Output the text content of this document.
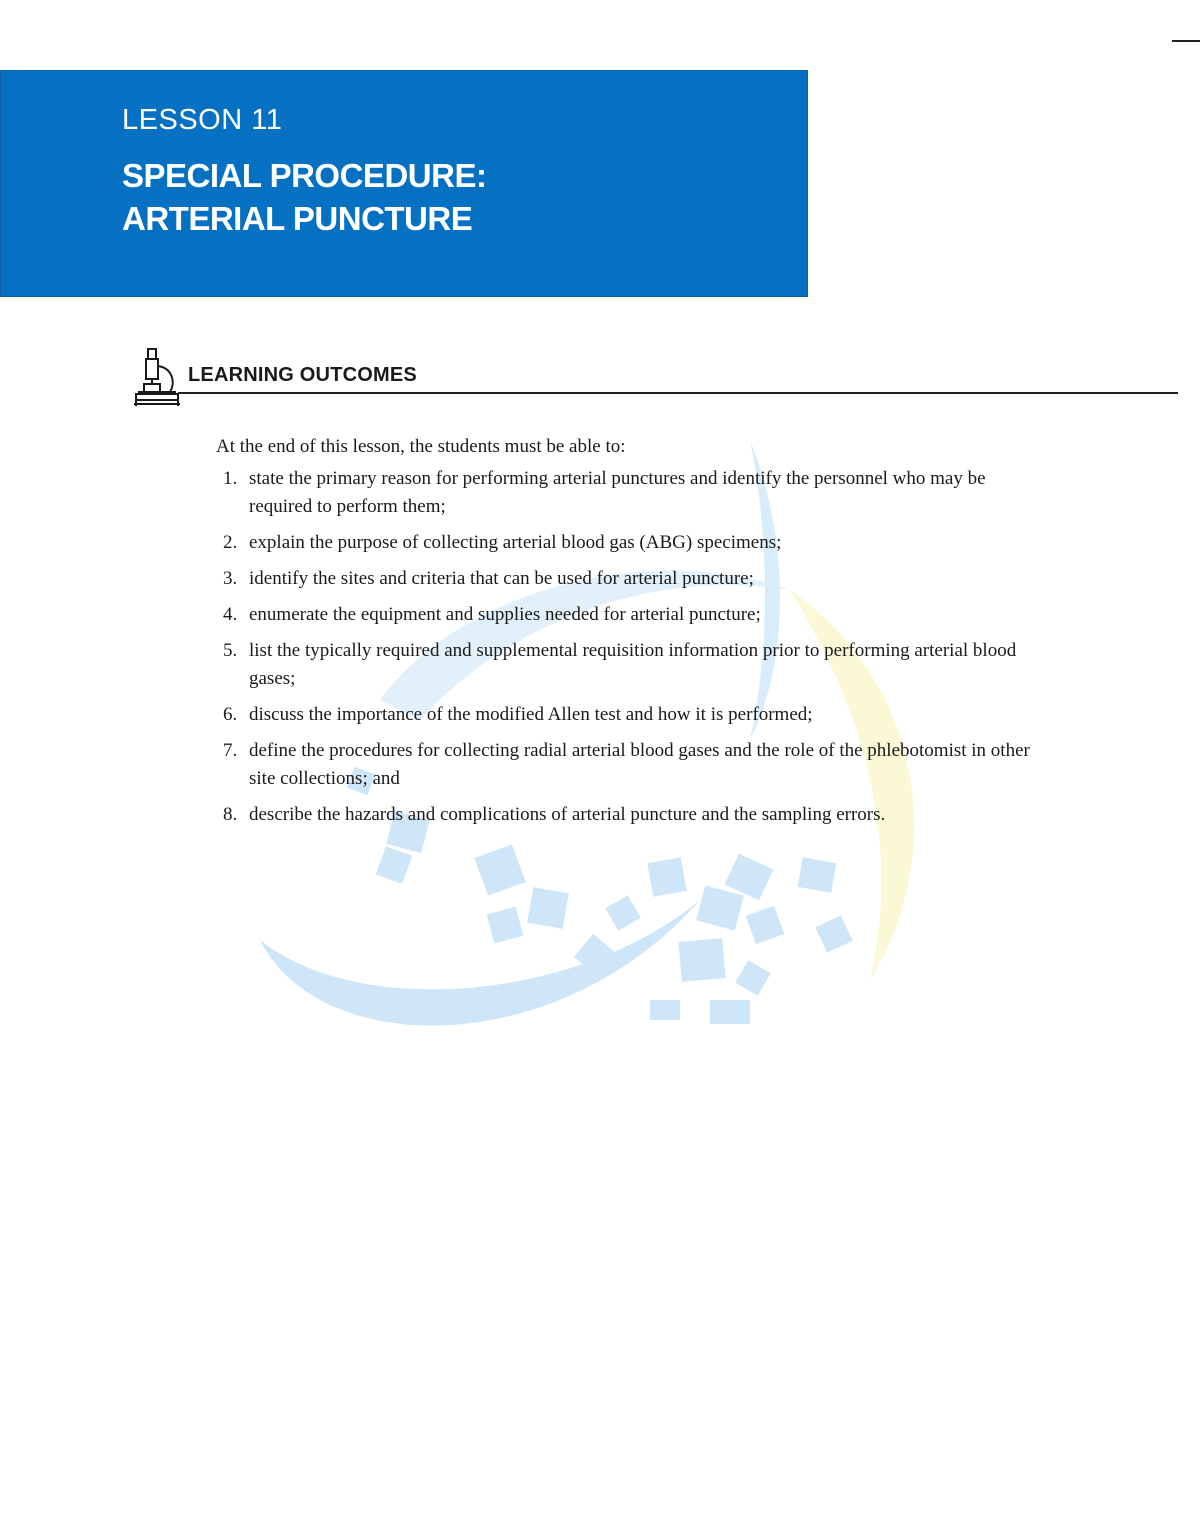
LESSON 11
SPECIAL PROCEDURE:
ARTERIAL PUNCTURE
LEARNING OUTCOMES

At the end of this lesson, the students must be able to:

1. state the primary reason for performing arterial punctures and identify the personnel who may be required to perform them;
2. explain the purpose of collecting arterial blood gas (ABG) specimens;
3. identify the sites and criteria that can be used for arterial puncture;
4. enumerate the equipment and supplies needed for arterial puncture;
5. list the typically required and supplemental requisition information prior to performing arterial blood gases;
6. discuss the importance of the modified Allen test and how it is performed;
7. define the procedures for collecting radial arterial blood gases and the role of the phlebotomist in other site collections; and
8. describe the hazards and complications of arterial puncture and the sampling errors.
